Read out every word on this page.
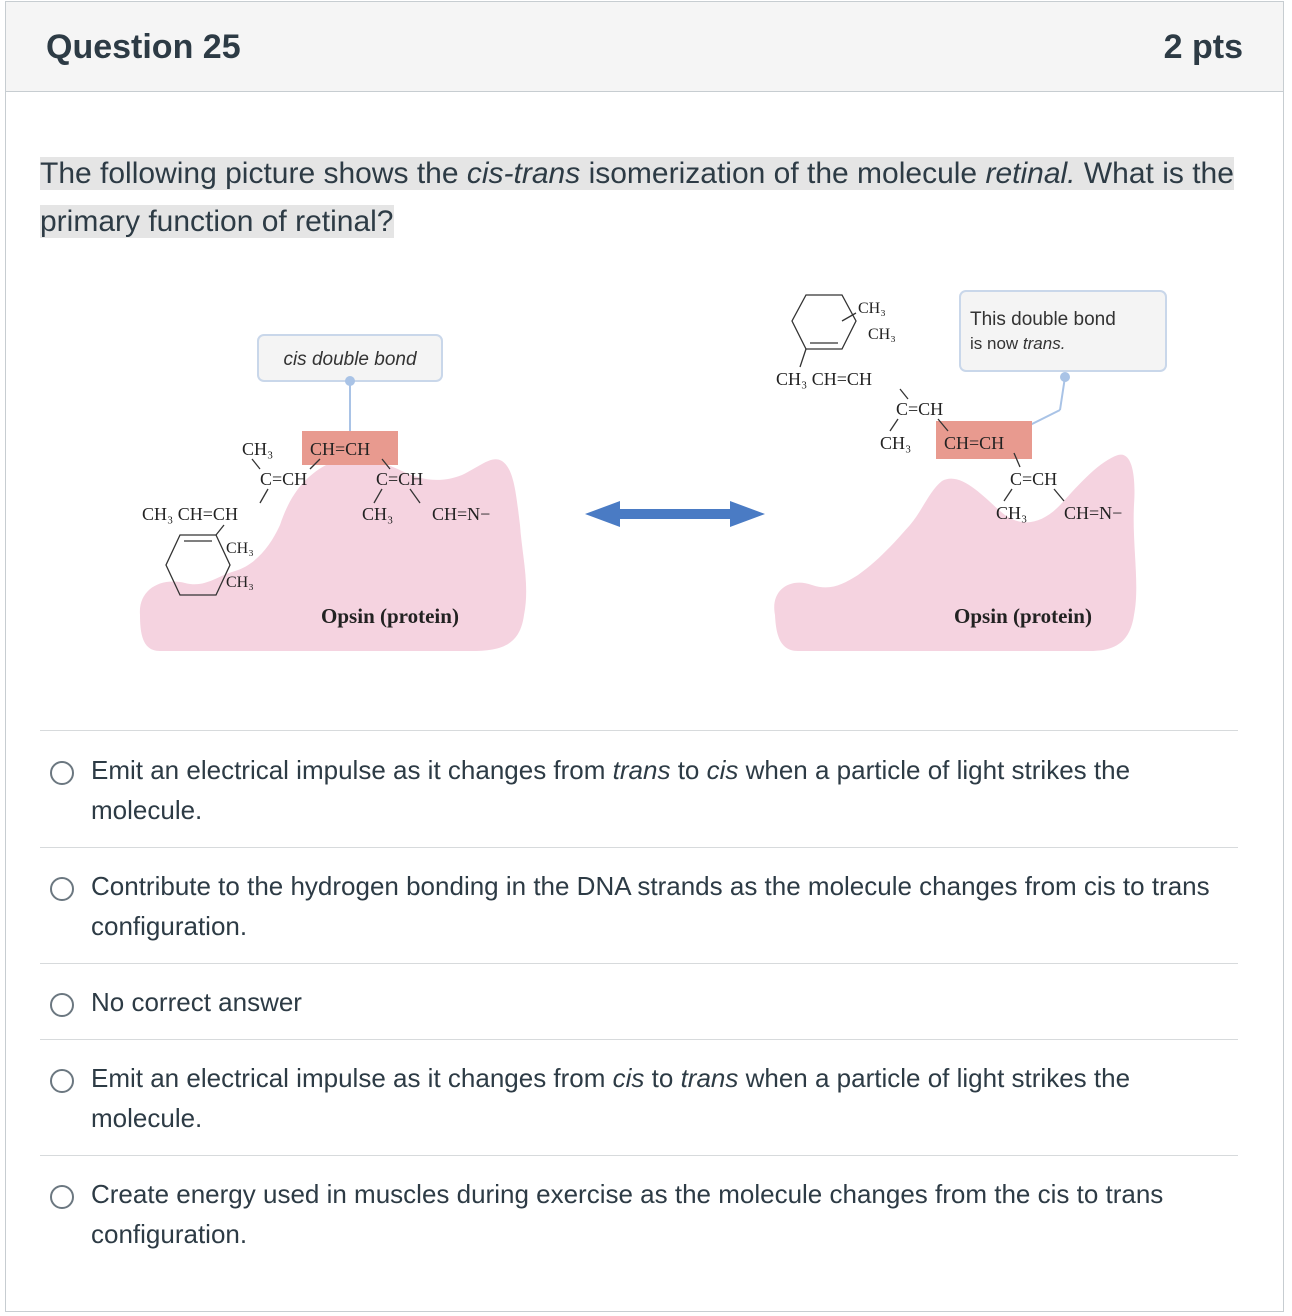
Question 25	2 pts
The following picture shows the cis-trans isomerization of the molecule retinal. What is the primary function of retinal?
cis double bond
CH₃ CH=CH
C=CH	C=CH
CH₃ CH=CH	CH₃ CH=N−
CH₃
CH₃
Opsin (protein)
This double bond
is now trans.
CH₃
CH₃
CH₃ CH=CH
C=CH
CH₃ CH=CH
C=CH
CH₃ CH=N−
Opsin (protein)
Emit an electrical impulse as it changes from trans to cis when a particle of light strikes the molecule.
Contribute to the hydrogen bonding in the DNA strands as the molecule changes from cis to trans configuration.
No correct answer
Emit an electrical impulse as it changes from cis to trans when a particle of light strikes the molecule.
Create energy used in muscles during exercise as the molecule changes from the cis to trans configuration.
